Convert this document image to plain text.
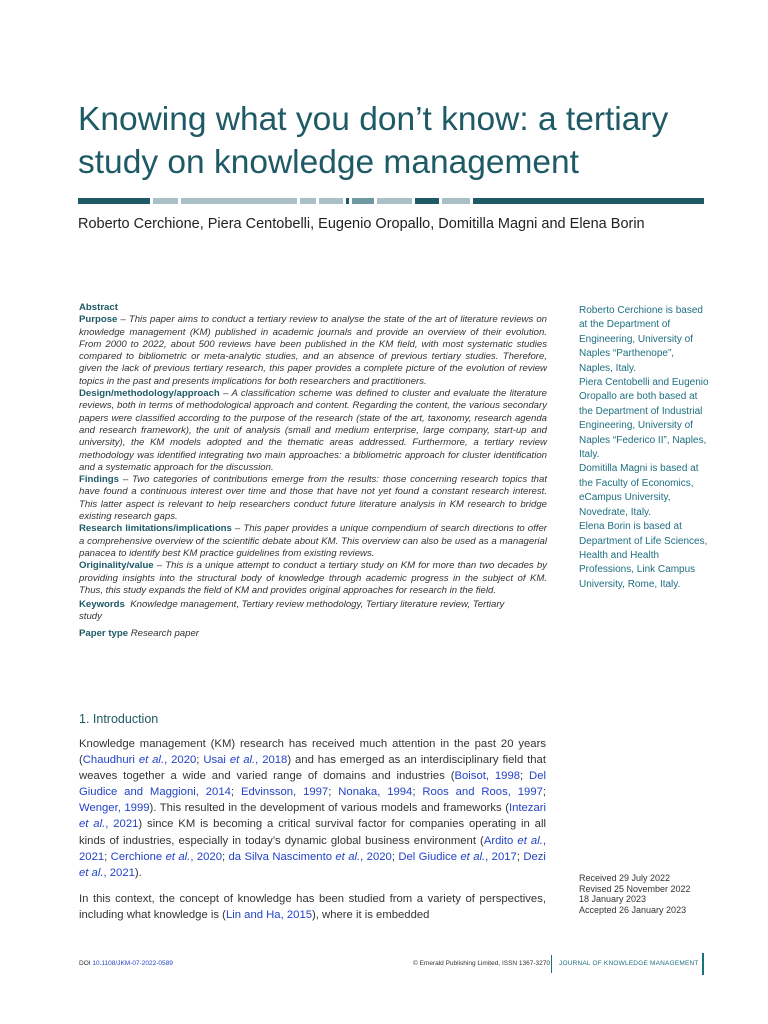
Knowing what you don’t know: a tertiary study on knowledge management
Roberto Cerchione, Piera Centobelli, Eugenio Oropallo, Domitilla Magni and Elena Borin

Abstract

Purpose – This paper aims to conduct a tertiary review to analyse the state of the art of literature reviews on knowledge management (KM) published in academic journals and provide an overview of their evolution. From 2000 to 2022, about 500 reviews have been published in the KM field, with most systematic studies compared to bibliometric or meta-analytic studies, and an absence of previous tertiary studies. Therefore, given the lack of previous tertiary research, this paper provides a complete picture of the evolution of review topics in the past and presents implications for both researchers and practitioners.

Design/methodology/approach – A classification scheme was defined to cluster and evaluate the literature reviews, both in terms of methodological approach and content. Regarding the content, the various secondary papers were classified according to the purpose of the research (state of the art, taxonomy, research agenda and research framework), the unit of analysis (small and medium enterprise, large company, start-up and university), the KM models adopted and the thematic areas addressed. Furthermore, a tertiary review methodology was identified integrating two main approaches: a bibliometric approach for cluster identification and a systematic approach for the discussion.

Findings – Two categories of contributions emerge from the results: those concerning research topics that have found a continuous interest over time and those that have not yet found a constant research interest. This latter aspect is relevant to help researchers conduct future literature analysis in KM research to bridge existing research gaps.

Research limitations/implications – This paper provides a unique compendium of search directions to offer a comprehensive overview of the scientific debate about KM. This overview can also be used as a managerial panacea to identify best KM practice guidelines from existing reviews.

Originality/value – This is a unique attempt to conduct a tertiary study on KM for more than two decades by providing insights into the structural body of knowledge through academic progress in the subject of KM. Thus, this study expands the field of KM and provides original approaches for research in the field.

Keywords Knowledge management, Tertiary review methodology, Tertiary literature review, Tertiary study

Paper type Research paper

Roberto Cerchione is based at the Department of Engineering, University of Naples “Parthenope”, Naples, Italy.

Piera Centobelli and Eugenio Oropallo are both based at the Department of Industrial Engineering, University of Naples “Federico II”, Naples, Italy.

Domitilla Magni is based at the Faculty of Economics, eCampus University, Novedrate, Italy.

Elena Borin is based at Department of Life Sciences, Health and Health Professions, Link Campus University, Rome, Italy.

1. Introduction

Knowledge management (KM) research has received much attention in the past 20 years (Chaudhuri et al., 2020; Usai et al., 2018) and has emerged as an interdisciplinary field that weaves together a wide and varied range of domains and industries (Boisot, 1998; Del Giudice and Maggioni, 2014; Edvinsson, 1997; Nonaka, 1994; Roos and Roos, 1997; Wenger, 1999). This resulted in the development of various models and frameworks (Intezari et al., 2021) since KM is becoming a critical survival factor for companies operating in all kinds of industries, especially in today’s dynamic global business environment (Ardito et al., 2021; Cerchione et al., 2020; da Silva Nascimento et al., 2020; Del Giudice et al., 2017; Dezi et al., 2021).

In this context, the concept of knowledge has been studied from a variety of perspectives, including what knowledge is (Lin and Ha, 2015), where it is embedded

Received 29 July 2022
Revised 25 November 2022
18 January 2023
Accepted 26 January 2023
DOI 10.1108/JKM-07-2022-0589	© Emerald Publishing Limited, ISSN 1367-3270 JOURNAL OF KNOWLEDGE MANAGEMENT
